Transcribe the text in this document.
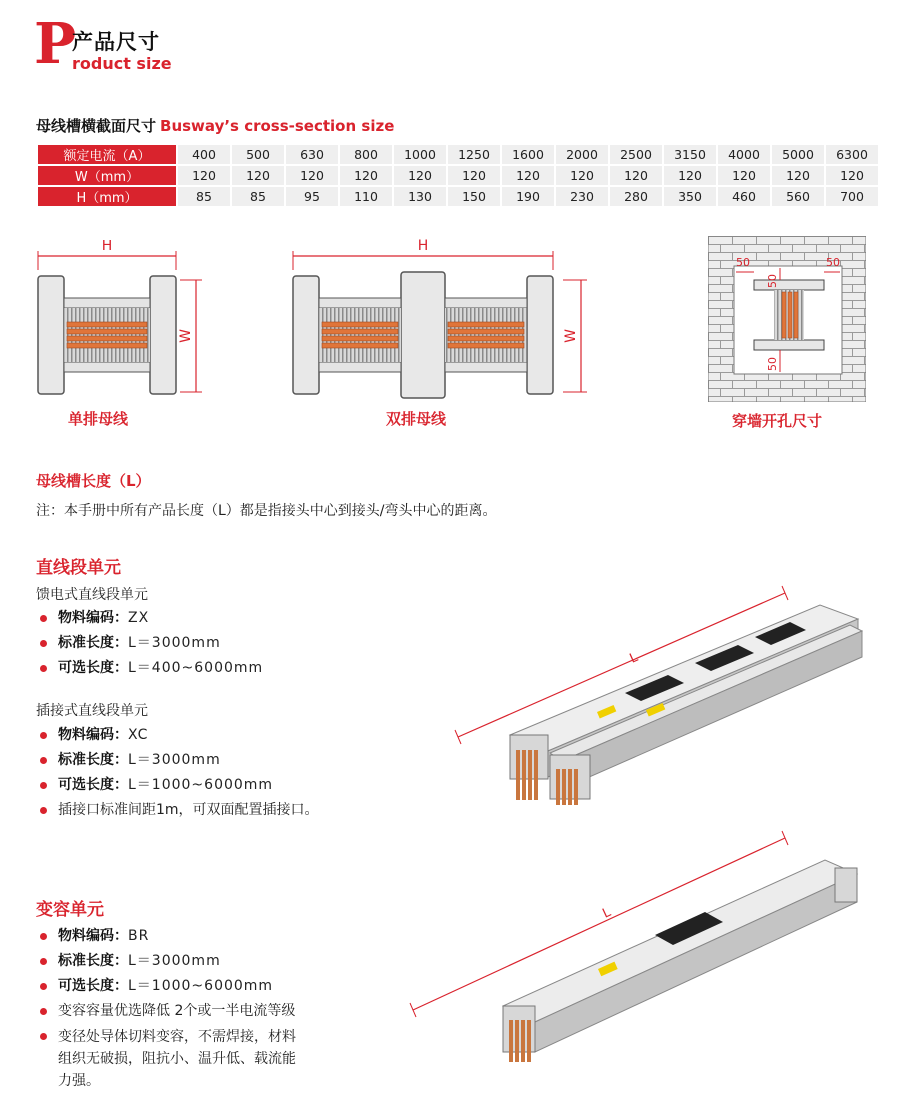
P
产品尺寸
roduct size
母线槽横截面尺寸 Busway’s cross-section size
额定电流（A）	400	500	630	800	1000	1250	1600	2000	2500	3150	4000	5000	6300
W（mm）	120	120	120	120	120	120	120	120	120	120	120	120	120
H（mm）	85	85	95	110	130	150	190	230	280	350	460	560	700
H
W
单排母线
H
W
双排母线
50	50
50
50
穿墙开孔尺寸
母线槽长度（L）
注：本手册中所有产品长度（L）都是指接头中心到接头/弯头中心的距离。
直线段单元
馈电式直线段单元
物料编码：ZX
标准长度：L＝3000mm
可选长度：L＝400~6000mm
插接式直线段单元
物料编码：XC
标准长度：L＝3000mm
可选长度：L＝1000~6000mm
插接口标准间距1m，可双面配置插接口。
L
变容单元
物料编码：BR
标准长度：L＝3000mm
可选长度：L＝1000~6000mm
变容容量优选降低 2个或一半电流等级
变径处导体切料变容，不需焊接，材料
组织无破损，阻抗小、温升低、载流能
力强。
L
